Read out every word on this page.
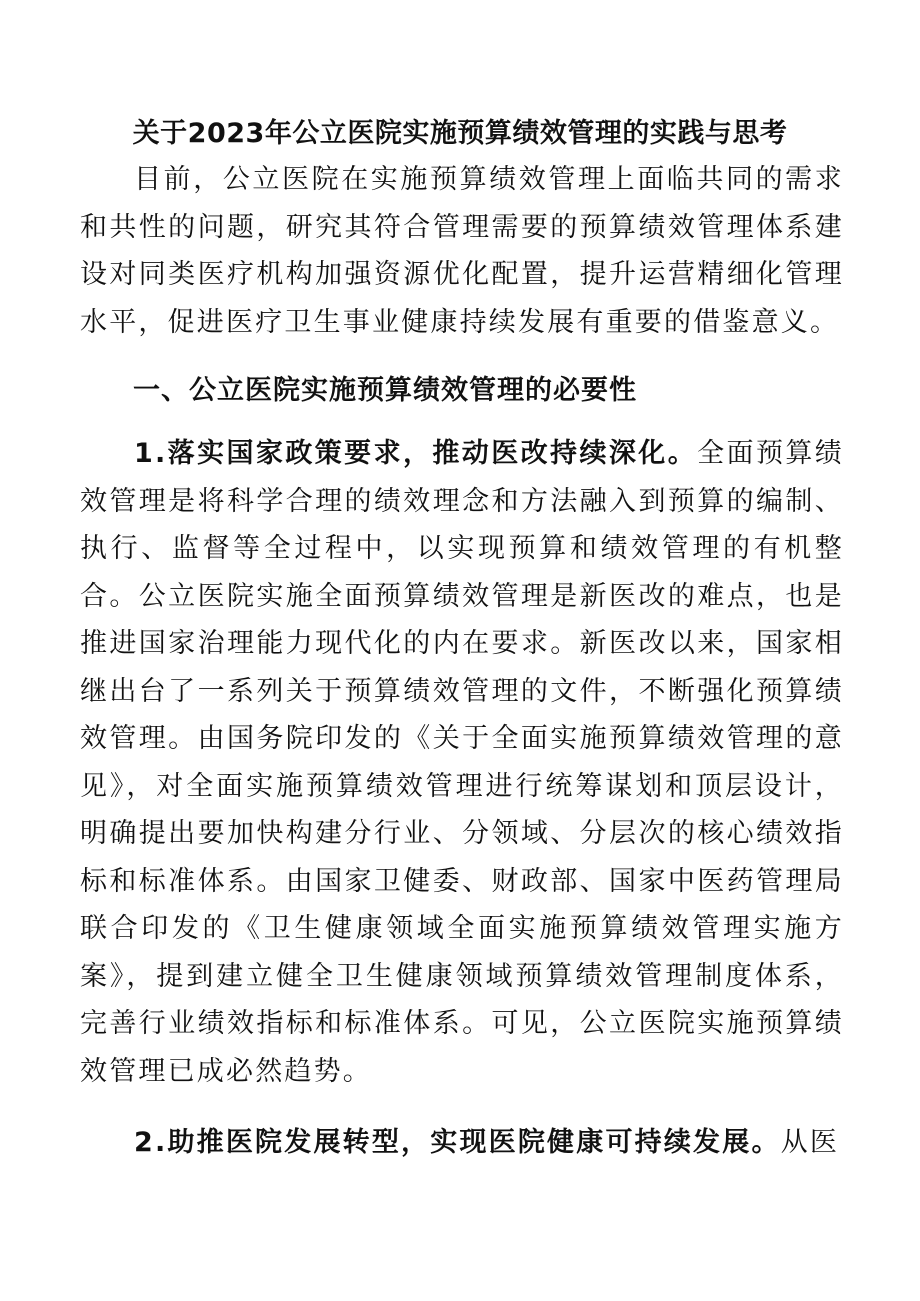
关于2023年公立医院实施预算绩效管理的实践与思考

目前，公立医院在实施预算绩效管理上面临共同的需求和共性的问题，研究其符合管理需要的预算绩效管理体系建设对同类医疗机构加强资源优化配置，提升运营精细化管理水平，促进医疗卫生事业健康持续发展有重要的借鉴意义。

一、公立医院实施预算绩效管理的必要性

1.落实国家政策要求，推动医改持续深化。全面预算绩效管理是将科学合理的绩效理念和方法融入到预算的编制、执行、监督等全过程中，以实现预算和绩效管理的有机整合。公立医院实施全面预算绩效管理是新医改的难点，也是推进国家治理能力现代化的内在要求。新医改以来，国家相继出台了一系列关于预算绩效管理的文件，不断强化预算绩效管理。由国务院印发的《关于全面实施预算绩效管理的意见》，对全面实施预算绩效管理进行统筹谋划和顶层设计，明确提出要加快构建分行业、分领域、分层次的核心绩效指标和标准体系。由国家卫健委、财政部、国家中医药管理局联合印发的《卫生健康领域全面实施预算绩效管理实施方案》，提到建立健全卫生健康领域预算绩效管理制度体系，完善行业绩效指标和标准体系。可见，公立医院实施预算绩效管理已成必然趋势。

2.助推医院发展转型，实现医院健康可持续发展。从医
